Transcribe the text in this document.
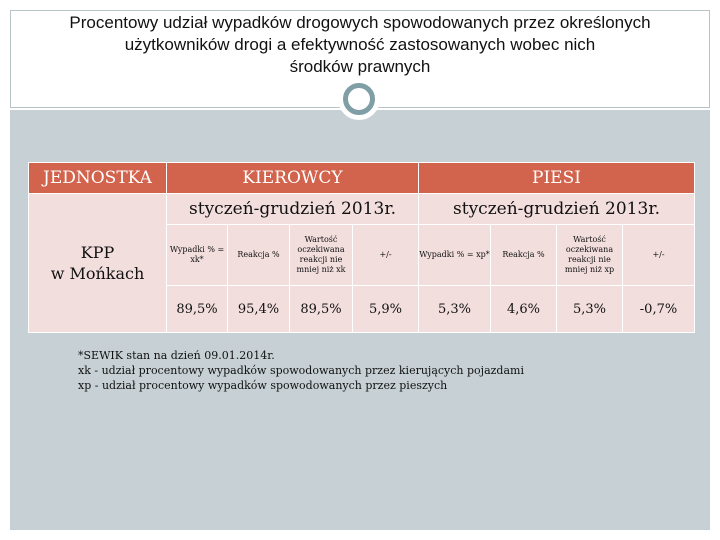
Procentowy udział wypadków drogowych spowodowanych przez określonych
użytkowników drogi a efektywność zastosowanych wobec nich
środków prawnych
JEDNOSTKA	KIEROWCY				PIESI			

KPP
w Mońkach	styczeń-grudzień 2013r.				styczeń-grudzień 2013r.			
	Wypadki % = xk*	Reakcja %	Wartość oczekiwana reakcji nie mniej niż xk	+/-	Wypadki % = xp*	Reakcja %	Wartość oczekiwana reakcji nie mniej niż xp	+/-
	89,5%	95,4%	89,5%	5,9%	5,3%	4,6%	5,3%	-0,7%
*SEWIK stan na dzień 09.01.2014r.
xk - udział procentowy wypadków spowodowanych przez kierujących pojazdami
xp - udział procentowy wypadków spowodowanych przez pieszych
